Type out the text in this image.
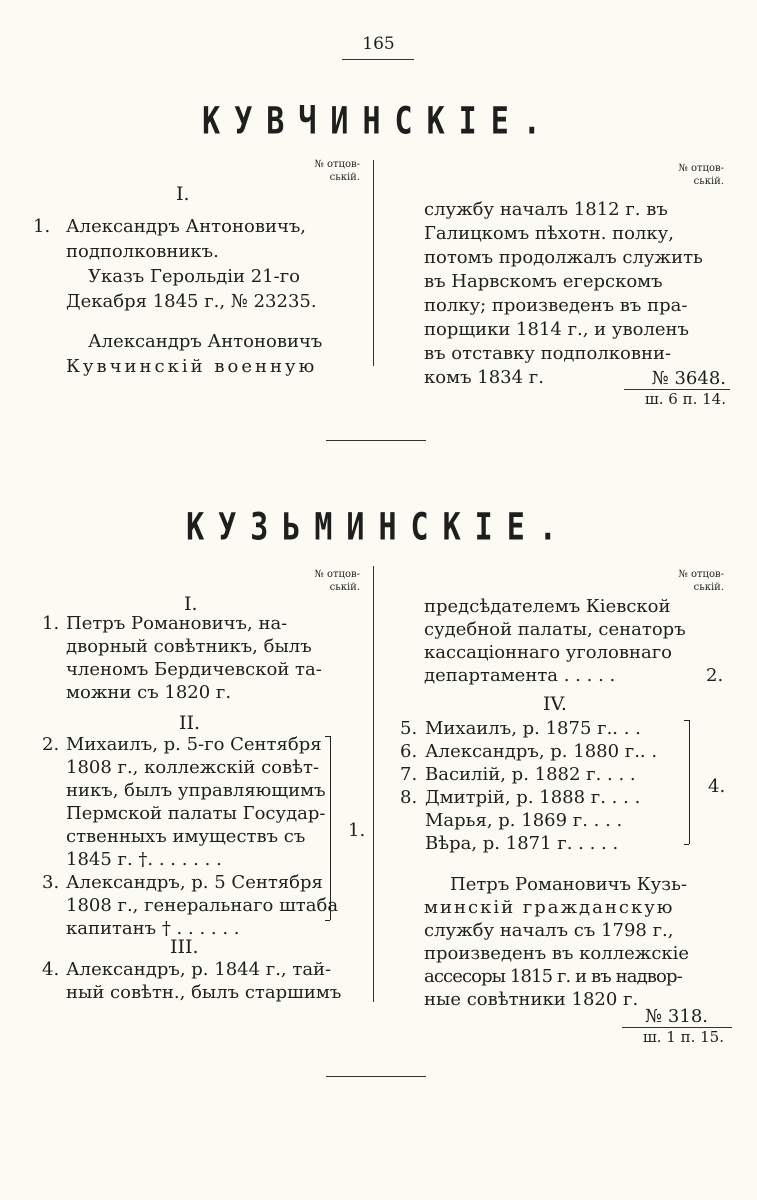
165
КУВЧИНСКІЕ.
№ отцов-ській.
№ отцов-ській.
I.
1. Александръ Антоновичъ,
подполковникъ.
Указъ Герольдіи 21-го
Декабря 1845 г., № 23235.
Александръ Антоновичъ
Кувчинскій военную
службу началъ 1812 г. въ
Галицкомъ пѣхотн. полку,
потомъ продолжалъ служить
въ Нарвскомъ егерскомъ
полку; произведенъ въ пра-
порщики 1814 г., и уволенъ
въ отставку подполковни-
комъ 1834 г.	№ 3648.
ш. 6 п. 14.
КУЗЬМИНСКІЕ.
№ отцов-ській.
№ отцов-ській.
I.
1. Петръ Романовичъ, на-
дворный совѣтникъ, былъ
членомъ Бердичевской та-
можни съ 1820 г.
II.
2. Михаилъ, р. 5-го Сентября
1808 г., коллежскій совѣт-
никъ, былъ управляющимъ
Пермской палаты Государ-
ственныхъ имуществъ съ
1845 г. †. . . . . . .
3. Александръ, р. 5 Сентября
1808 г., генеральнаго штаба
капитанъ † . . . . . .
1.
III.
4. Александръ, р. 1844 г., тай-
ный совѣтн., былъ старшимъ
предсѣдателемъ Кіевской
судебной палаты, сенаторъ
кассаціоннаго уголовнаго
департамента . . . . .	2.
IV.
5. Михаилъ, р. 1875 г.. . .
6. Александръ, р. 1880 г.. .
7. Василій, р. 1882 г. . . .
8. Дмитрій, р. 1888 г. . . .
Марья, р. 1869 г. . . .
Вѣра, р. 1871 г. . . . .
4.
Петръ Романовичъ Кузь-
минскій гражданскую
службу началъ съ 1798 г.,
произведенъ въ коллежскіе
ассесоры 1815 г. и въ надвор-
ные совѣтники 1820 г.
№ 318.
ш. 1 п. 15.
